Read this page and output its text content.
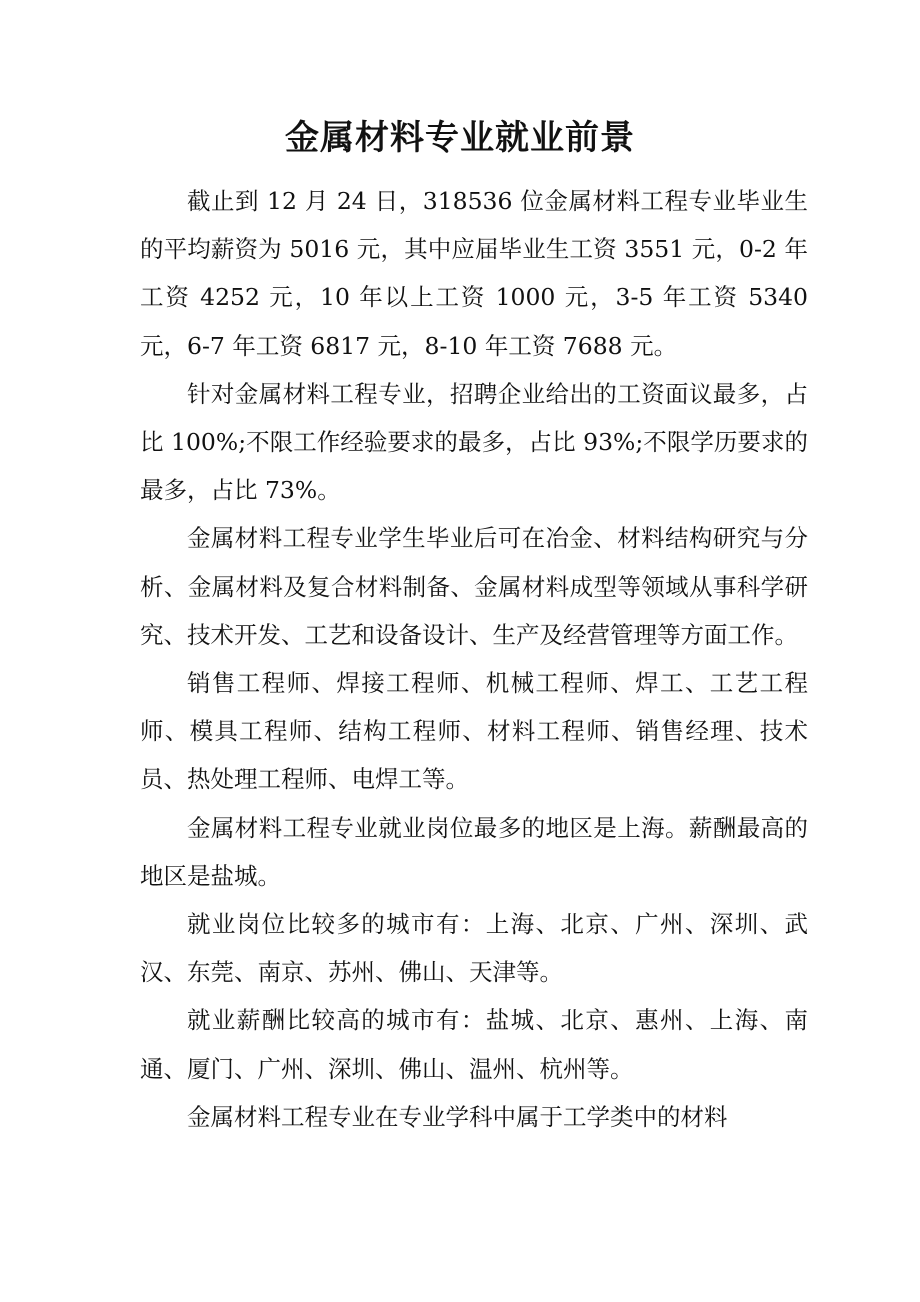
金属材料专业就业前景

截止到 12 月 24 日，318536 位金属材料工程专业毕业生的平均薪资为 5016 元，其中应届毕业生工资 3551 元，0-2 年工资 4252 元，10 年以上工资 1000 元，3-5 年工资 5340 元，6-7 年工资 6817 元，8-10 年工资 7688 元。

针对金属材料工程专业，招聘企业给出的工资面议最多，占比 100%;不限工作经验要求的最多，占比 93%;不限学历要求的最多，占比 73%。

金属材料工程专业学生毕业后可在冶金、材料结构研究与分析、金属材料及复合材料制备、金属材料成型等领域从事科学研究、技术开发、工艺和设备设计、生产及经营管理等方面工作。

销售工程师、焊接工程师、机械工程师、焊工、工艺工程师、模具工程师、结构工程师、材料工程师、销售经理、技术员、热处理工程师、电焊工等。

金属材料工程专业就业岗位最多的地区是上海。薪酬最高的地区是盐城。

就业岗位比较多的城市有：上海、北京、广州、深圳、武汉、东莞、南京、苏州、佛山、天津等。

就业薪酬比较高的城市有：盐城、北京、惠州、上海、南通、厦门、广州、深圳、佛山、温州、杭州等。

金属材料工程专业在专业学科中属于工学类中的材料
